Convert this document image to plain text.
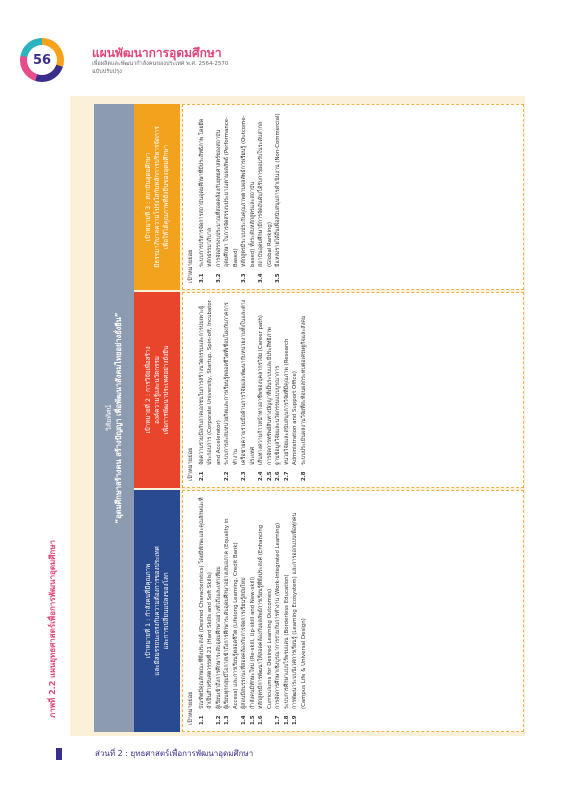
56	แผนพัฒนาการอุดมศึกษา
เพื่อผลิตและพัฒนากำลังคนของประเทศ พ.ศ. 2564-2570
ฉบับปรับปรุง
ภาพที่ 2.2 แผนยุทธศาสตร์เพื่อการพัฒนาอุดมศึกษา
วิสัยทัศน์ “อุดมศึกษาสร้างคน สร้างปัญญา เพื่อพัฒนาสังคมไทยอย่างยั่งยืน”
เป้าหมายที่ 3 : สถาบันอุดมศึกษา มีธรรมาภิบาลความโปร่งใสกับหลักการบริหารจัดการ เพื่อให้ได้คุณภาพที่ยั่งยืนของอุดมศึกษา
เป้าหมายย่อย 3.1
ระบบการบริหารจัดการสถาบันอุดมศึกษาที่มีประสิทธิภาพ โดยยึดหลักธรรมาภิบาล
3.2
การจัดสรรงบประมาณที่สอดคล้องกับยุทธศาสตร์ของสถาบันอุดมศึกษา ในการจัดสรรงบประมาณตามผลลัพธ์ (Performance-Based)
3.3
หลักสูตรมีระบบประกันคุณภาพตามผลลัพธ์การเรียนรู้ (Outcome-based) ทั้งระดับหลักสูตรและสถาบัน
3.4
สถาบันอุดมศึกษามีการจัดอันดับ/ได้รับการยอมรับในระดับสากล (Global Ranking)
3.5
มีแหล่งรายได้อื่นเพื่อสนับสนุนการดำเนินงาน (Non-Commercial)
เป้าหมายที่ 2 : การวิจัยเพื่อสร้าง องค์ความรู้และนวัตกรรม เพื่อการพัฒนาประเทศอย่างยั่งยืน
เป้าหมายย่อย 2.1
จัดความร่วมมือกับภาคเอกชนในการสร้างนวัตกรรมและการบ่มเพาะผู้ประกอบการ (Corporate University, Startup, Spin-off, Incubator and Accelerator)
2.2
ระบบการสะสมหน่วยกิตและการเรียนรู้ตลอดชีวิตที่เชื่อมโยงกับภาคการทำงาน
2.3
เครือข่ายความร่วมมือด้านการวิจัยและพัฒนากับหน่วยงานทั้งในและต่างประเทศ
2.4
เส้นทางความก้าวหน้าทางอาชีพของบุคลากรวิจัย (Career path)
2.5
การจัดการทรัพย์สินทางปัญญาที่เป็นระบบและมีประสิทธิภาพ
2.6
ฐานข้อมูลวิจัยและนวัตกรรมแบบบูรณาการ
2.7
หน่วยวิจัยและสนับสนุนการวิจัยที่มีคุณภาพ (Research Administration and Support Office)
2.8
ระบบประเมินผลงานวิจัยที่สะท้อนผลกระทบต่อเศรษฐกิจและสังคม
เป้าหมายที่ 1 : กำลังคนที่มีคุณภาพ และมีสมรรถนะตรงกับความต้องการของประเทศ และการเปลี่ยนแปลงของโลก
เป้าหมายย่อย 1.1
บัณฑิตมีคุณลักษณะที่พึงประสงค์ (Desired Characteristics) โดยมีทักษะและคุณลักษณะที่จำเป็นสำหรับศตวรรษที่ 21 (Hard Skills and Soft Skills)
1.2
ผู้เรียนเข้าถึงการศึกษาระดับอุดมศึกษาอย่างทั่วถึงและเท่าเทียม
1.3
ผู้เรียนทุกกลุ่มมีโอกาสเข้าถึงการศึกษาระดับอุดมศึกษาอย่างเสมอภาค (Equality in Access) และการเรียนรู้ตลอดชีวิต (Lifelong Learning, Credit Bank)
1.4
ผู้สอนมีสมรรถนะที่สอดคล้องกับการจัดการเรียนรู้สมัยใหม่
1.5
กำลังคนมีทักษะใหม่ (Re-skill, Up-skill and New-skill)
1.6
หลักสูตรมีการพัฒนาให้สอดคล้องกับผลลัพธ์การเรียนรู้ที่พึงประสงค์ (Enhancing Curriculums for Desired Learning Outcomes)
1.7
การจัดการศึกษาเชิงบูรณาการร่วมกับการทำงาน (Work-Integrated Learning)
1.8
ระบบการศึกษาแบบไร้พรมแดน (Borderless Education)
1.9
การพัฒนาระบบนิเวศการเรียนรู้ (Learning Ecosystem) และการออกแบบเพื่อทุกคน (Campus Life & Universal Design)
ส่วนที่ 2 : ยุทธศาสตร์เพื่อการพัฒนาอุดมศึกษา
